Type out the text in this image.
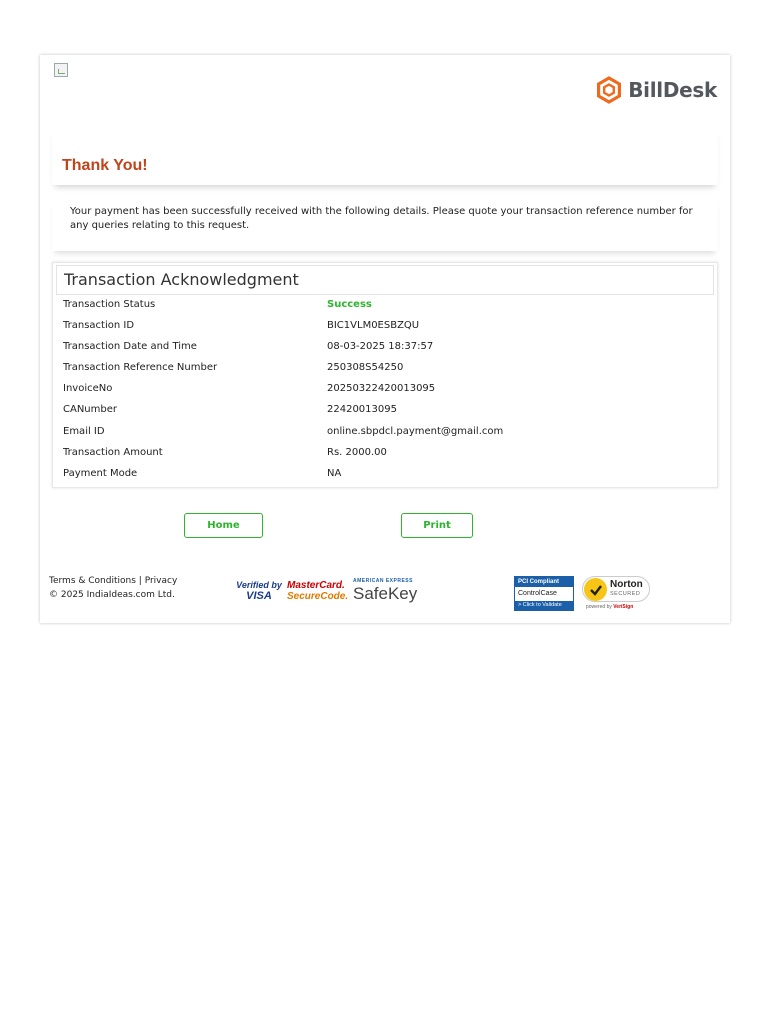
BillDesk
Thank You!
Your payment has been successfully received with the following details. Please quote your transaction reference number for any queries relating to this request.
Transaction Acknowledgment
Transaction Status	Success
Transaction ID	BIC1VLM0ESBZQU
Transaction Date and Time	08-03-2025 18:37:57
Transaction Reference Number	250308S54250
InvoiceNo	20250322420013095
CANumber	22420013095
Email ID	online.sbpdcl.payment@gmail.com
Transaction Amount	Rs. 2000.00
Payment Mode	NA
Home	Print
Terms & Conditions | Privacy
© 2025 IndiaIdeas.com Ltd.
Verified by
VISA
MasterCard.
SecureCode.
AMERICAN EXPRESS
SafeKey
PCI Compliant
ControlCase
> Click to Validate
Norton
SECURED
powered by VeriSign
